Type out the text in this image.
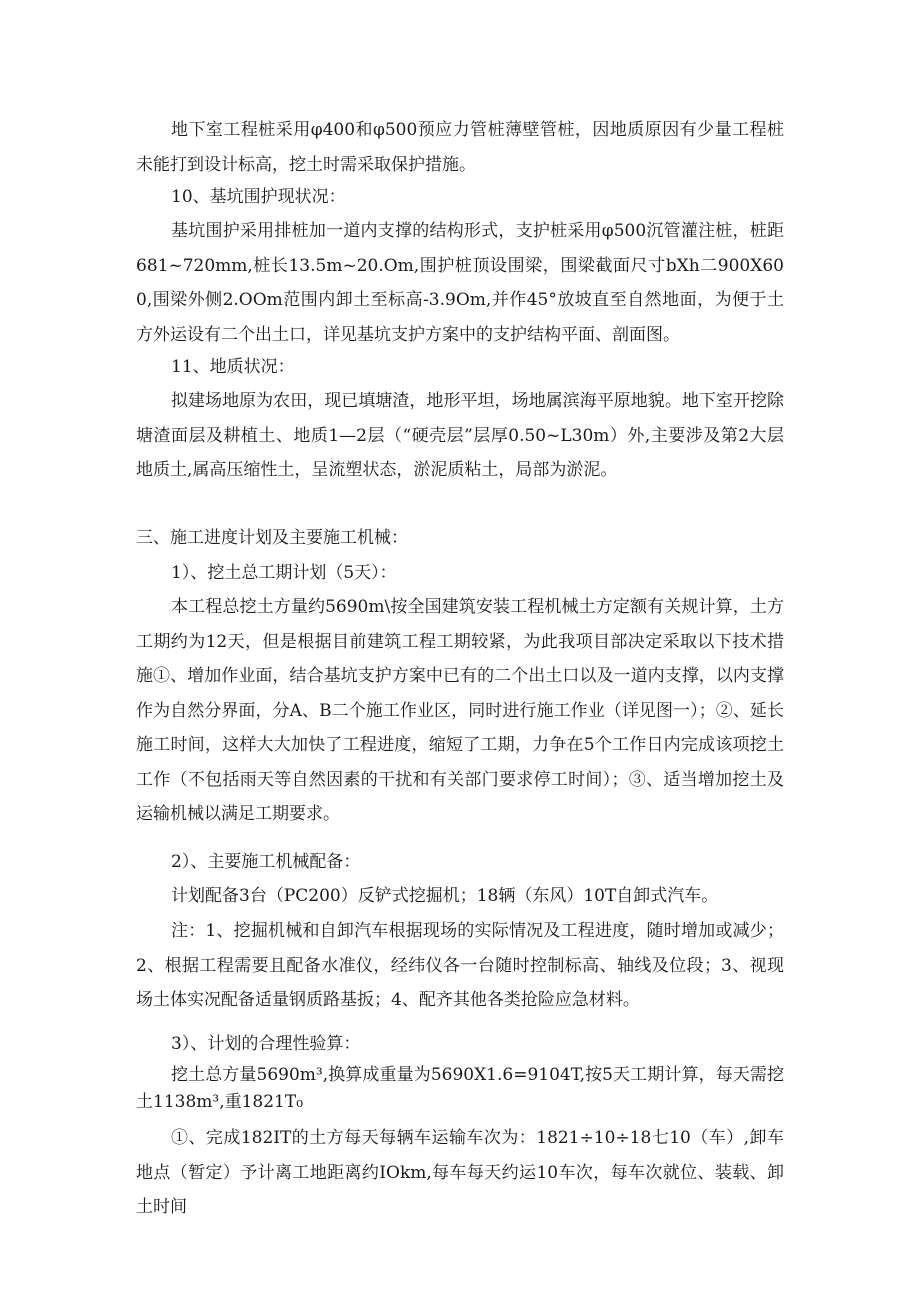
地下室工程桩采用φ400和φ500预应力管桩薄壁管桩，因地质原因有少量工程桩未能打到设计标高，挖土时需采取保护措施。

10、基坑围护现状况：

基坑围护采用排桩加一道内支撑的结构形式，支护桩采用φ500沉管灌注桩，桩距681~720mm,桩长13.5m~20.Om,围护桩顶设围梁，围梁截面尺寸bXh二900X600,围梁外侧2.OOm范围内卸土至标高-3.9Om,并作45°放坡直至自然地面，为便于土方外运设有二个出土口，详见基坑支护方案中的支护结构平面、剖面图。

11、地质状况：

拟建场地原为农田，现已填塘渣，地形平坦，场地属滨海平原地貌。地下室开挖除塘渣面层及耕植土、地质1—2层（“硬壳层”层厚0.50~L30m）外,主要涉及第2大层地质土,属高压缩性土，呈流塑状态，淤泥质粘土，局部为淤泥。

三、施工进度计划及主要施工机械：

1）、挖土总工期计划（5天）：

本工程总挖土方量约5690m\按全国建筑安装工程机械土方定额有关规计算，土方工期约为12天，但是根据目前建筑工程工期较紧，为此我项目部决定采取以下技术措施①、增加作业面，结合基坑支护方案中已有的二个出土口以及一道内支撑，以内支撑作为自然分界面，分A、B二个施工作业区，同时进行施工作业（详见图一）；②、延长施工时间，这样大大加快了工程进度，缩短了工期，力争在5个工作日内完成该项挖土工作（不包括雨天等自然因素的干扰和有关部门要求停工时间）；③、适当增加挖土及运输机械以满足工期要求。

2）、主要施工机械配备：

计划配备3台（PC200）反铲式挖掘机；18辆（东风）10T自卸式汽车。

注：1、挖掘机械和自卸汽车根据现场的实际情况及工程进度，随时增加或减少；2、根据工程需要且配备水准仪，经纬仪各一台随时控制标高、轴线及位段；3、视现场土体实况配备适量钢质路基扳；4、配齐其他各类抢险应急材料。

3）、计划的合理性验算：

挖土总方量5690m³,换算成重量为5690X1.6=9104T,按5天工期计算，每天需挖土1138m³,重1821T₀

①、完成182IT的土方每天每辆车运输车次为：1821÷10÷18七10（车）,卸车地点（暂定）予计离工地距离约IOkm,每车每天约运10车次，每车次就位、装载、卸土时间
